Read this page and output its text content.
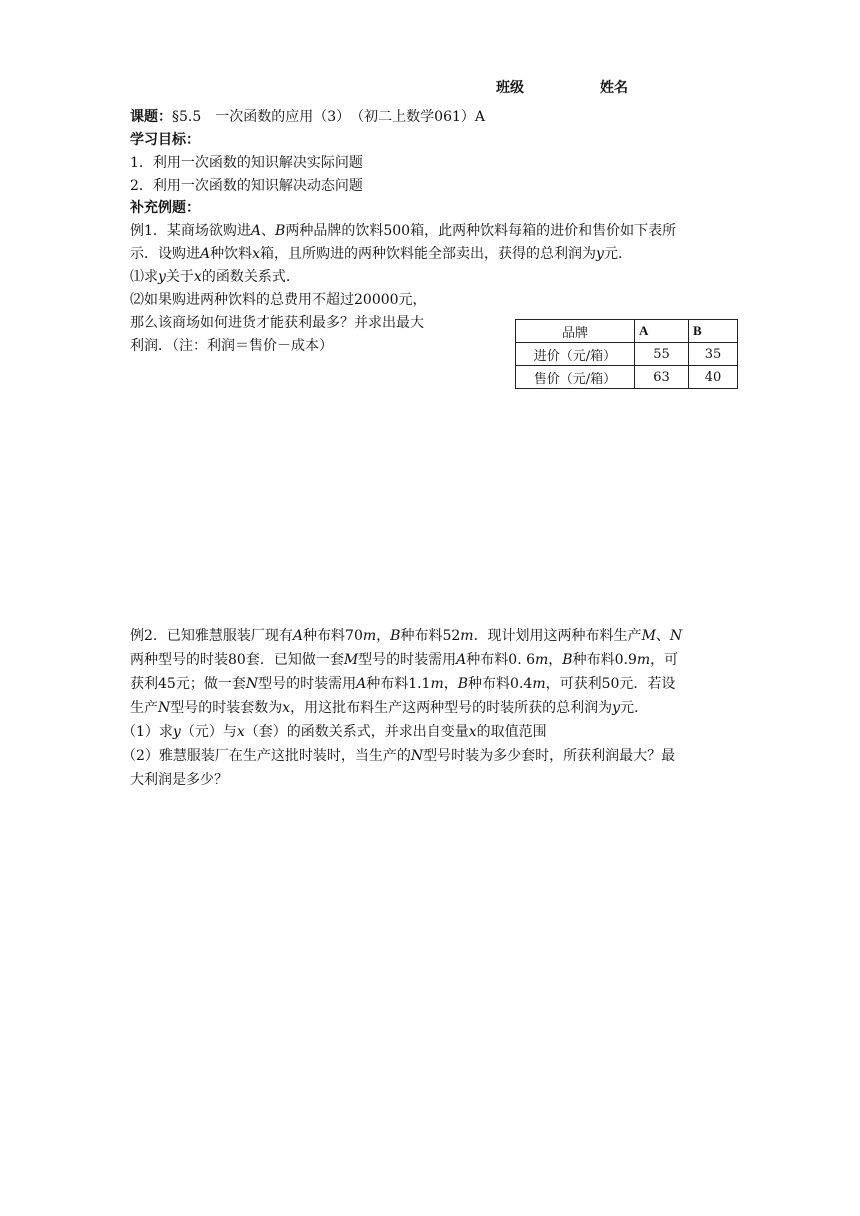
班级	姓名
课题：§5.5　一次函数的应用（3）　（初二上数学061）A
学习目标：
1．利用一次函数的知识解决实际问题
2．利用一次函数的知识解决动态问题
补充例题：
例1．某商场欲购进A、B两种品牌的饮料500箱，此两种饮料每箱的进价和售价如下表所
示．设购进A种饮料x箱，且所购进的两种饮料能全部卖出，获得的总利润为y元．
⑴求y关于x的函数关系式.
⑵如果购进两种饮料的总费用不超过20000元，
那么该商场如何进货才能获利最多？并求出最大
利润．（注：利润＝售价－成本）
品牌	A	B
进价（元/箱）	55	35
售价（元/箱）	63	40
例2．已知雅慧服装厂现有A种布料70m，B种布料52m．现计划用这两种布料生产M、N
两种型号的时装80套．已知做一套M型号的时装需用A种布料0. 6m，B种布料0.9m，可
获利45元；做一套N型号的时装需用A种布料1.1m，B种布料0.4m，可获利50元．若设
生产N型号的时装套数为x，用这批布料生产这两种型号的时装所获的总利润为y元．
（1）求y（元）与x（套）的函数关系式，并求出自变量x的取值范围
（2）雅慧服装厂在生产这批时装时，当生产的N型号时装为多少套时，所获利润最大？最
大利润是多少？
